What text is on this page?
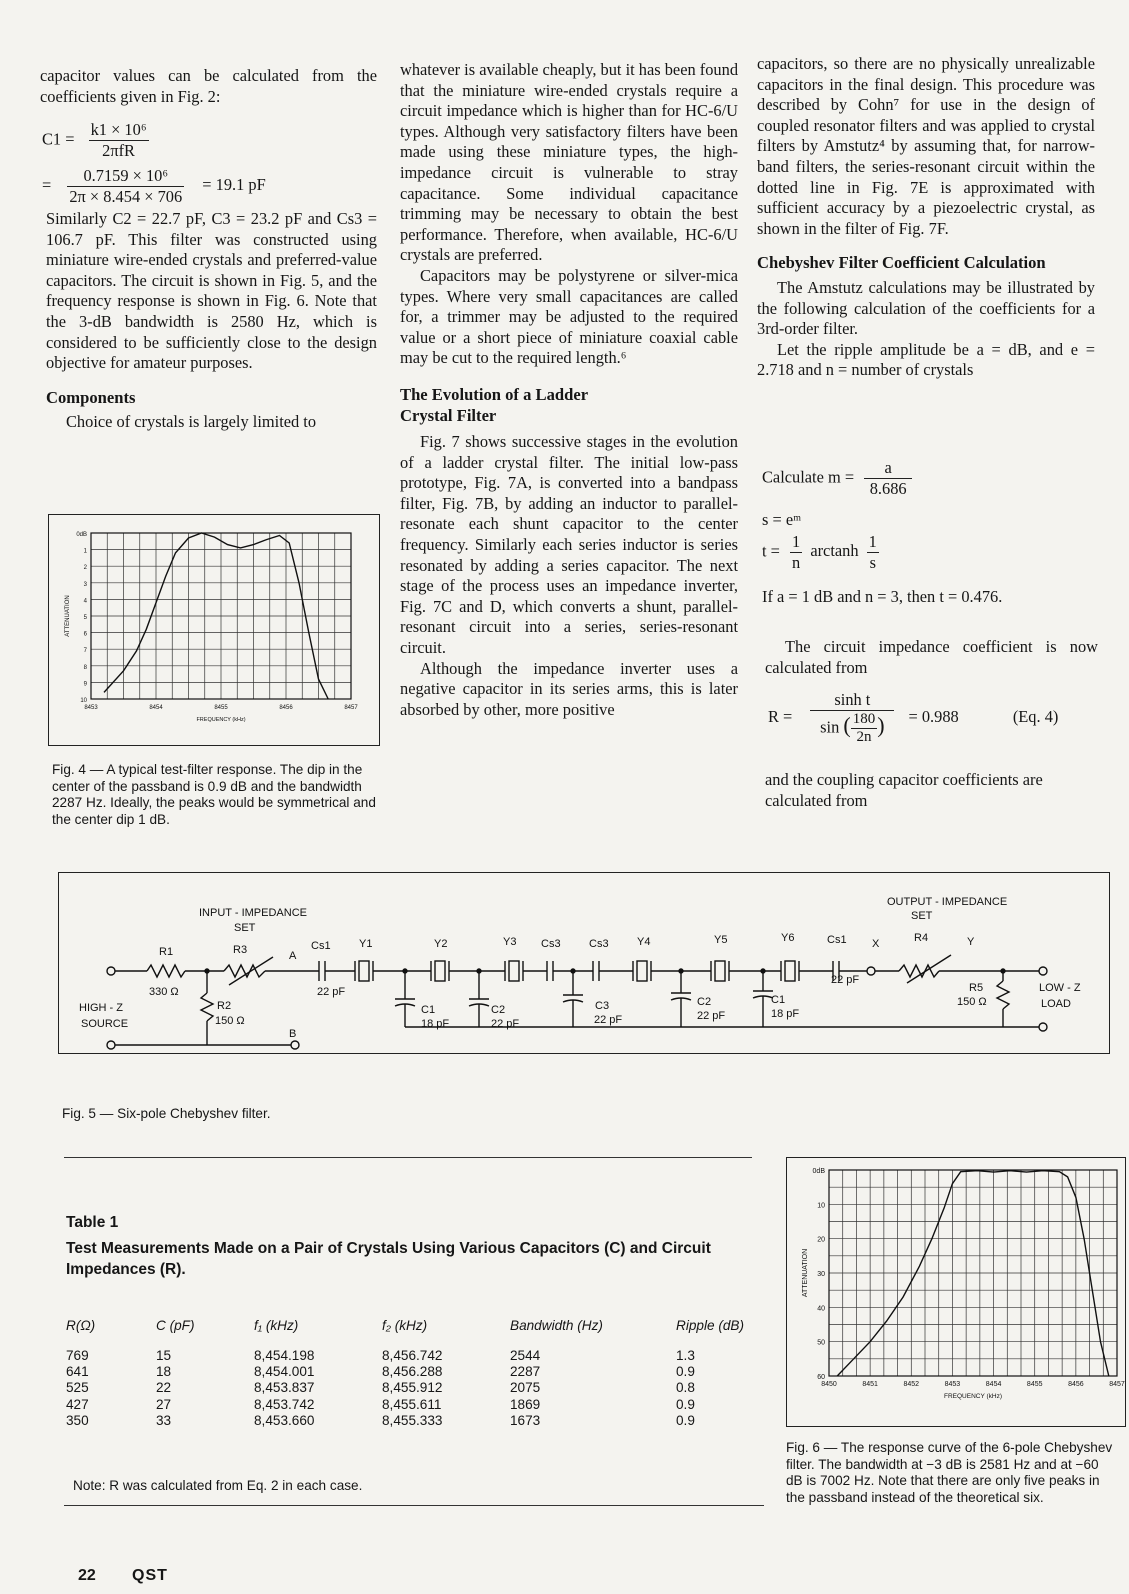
capacitor values can be calculated from the coefficients given in Fig. 2:

$C1 = \frac{\text{k1 × 10⁶}}{\text{2πfR}}$
= $\frac{\text{0.7159 × 10⁶}}{2\pi \times 8.454 \times 706} = 19.1$ pF

Similarly C2 = 22.7 pF, C3 = 23.2 pF and Cs3 = 106.7 pF. This filter was constructed using miniature wire-ended crystals and preferred-value capacitors. The circuit is shown in Fig. 5, and the frequency response is shown in Fig. 6. Note that the 3-dB bandwidth is 2580 Hz, which is considered to be sufficiently close to the design objective for amateur purposes.

Components

Choice of crystals is largely limited to

8453	8454	8455	8456	8457
0dB
1
2
3
4
5
6
7
8
9
10
FREQUENCY (kHz)
ATTENUATION
Fig. 4 — A typical test-filter response. The dip in the center of the passband is 0.9 dB and the bandwidth 2287 Hz. Ideally, the peaks would be symmetrical and the center dip 1 dB.

whatever is available cheaply, but it has been found that the miniature wire-ended crystals require a circuit impedance which is higher than for HC-6/U types. Although very satisfactory filters have been made using these miniature types, the high-impedance circuit is vulnerable to stray capacitance. Some individual capacitance trimming may be necessary to obtain the best performance. Therefore, when available, HC-6/U crystals are preferred.

Capacitors may be polystyrene or silver-mica types. Where very small capacitances are called for, a trimmer may be adjusted to the required value or a short piece of miniature coaxial cable may be cut to the required length.⁶

The Evolution of a Ladder Crystal Filter

Fig. 7 shows successive stages in the evolution of a ladder crystal filter. The initial low-pass prototype, Fig. 7A, is converted into a bandpass filter, Fig. 7B, by adding an inductor to parallel-resonate each shunt capacitor to the center frequency. Similarly each series inductor is series resonated by adding a series capacitor. The next stage of the process uses an impedance inverter, Fig. 7C and D, which converts a shunt, parallel-resonant circuit into a series, series-resonant circuit.

Although the impedance inverter uses a negative capacitor in its series arms, this is later absorbed by other, more positive

capacitors, so there are no physically unrealizable capacitors in the final design. This procedure was described by Cohn⁷ for use in the design of coupled resonator filters and was applied to crystal filters by Amstutz⁴ by assuming that, for narrow-band filters, the series-resonant circuit within the dotted line in Fig. 7E is approximated with sufficient accuracy by a piezoelectric crystal, as shown in the filter of Fig. 7F.

Chebyshev Filter Coefficient Calculation

The Amstutz calculations may be illustrated by the following calculation of the coefficients for a 3rd-order filter.

Let the ripple amplitude be a = dB, and e = 2.718 and n = number of crystals

Calculate $m = \frac{a}{8.686}$
s = eᵐ
$t = \frac{1}{n}$ arctanh $\frac{1}{s}$
If a = 1 dB and n = 3, then t = 0.476.

The circuit impedance coefficient is now calculated from

$R = \frac{\text{sinh t}}{\sin ( \frac{180}{2n} )} = 0.988$	(Eq. 4)

and the coupling capacitor coefficients are calculated from

INPUT - IMPEDANCE
SET
OUTPUT - IMPEDANCE
SET
HIGH - Z
SOURCE
LOW - Z
LOAD
R1
330 Ω
R2
150 Ω
R3	A
B
Cs1
22 pF
Y1	Y2	Y3 Cs3	Cs3	Y4	Y5	Y6	Cs1 X
22 pF
R4	Y
R5
150 Ω
C1
18 pF
C2
22 pF
C3
22 pF
C2
22 pF
C1
18 pF
Fig. 5 — Six-pole Chebyshev filter.
Table 1
Test Measurements Made on a Pair of Crystals Using Various Capacitors (C) and Circuit Impedances (R).
R(Ω)	C (pF)	f₁ (kHz)	f₂ (kHz)	Bandwidth (Hz)	Ripple (dB)
769	15	8,454.198	8,456.742	2544	1.3
641	18	8,454.001	8,456.288	2287	0.9
525	22	8,453.837	8,455.912	2075	0.8
427	27	8,453.742	8,455.611	1869	0.9
350	33	8,453.660	8,455.333	1673	0.9
Note: R was calculated from Eq. 2 in each case.
8450	8451	8452	8453	8454	8455	8456	8457
0dB
10
20
30
40
50
60
FREQUENCY (kHz)
ATTENUATION
Fig. 6 — The response curve of the 6-pole Chebyshev filter. The bandwidth at −3 dB is 2581 Hz and at −60 dB is 7002 Hz. Note that there are only five peaks in the passband instead of the theoretical six.
22 QST
